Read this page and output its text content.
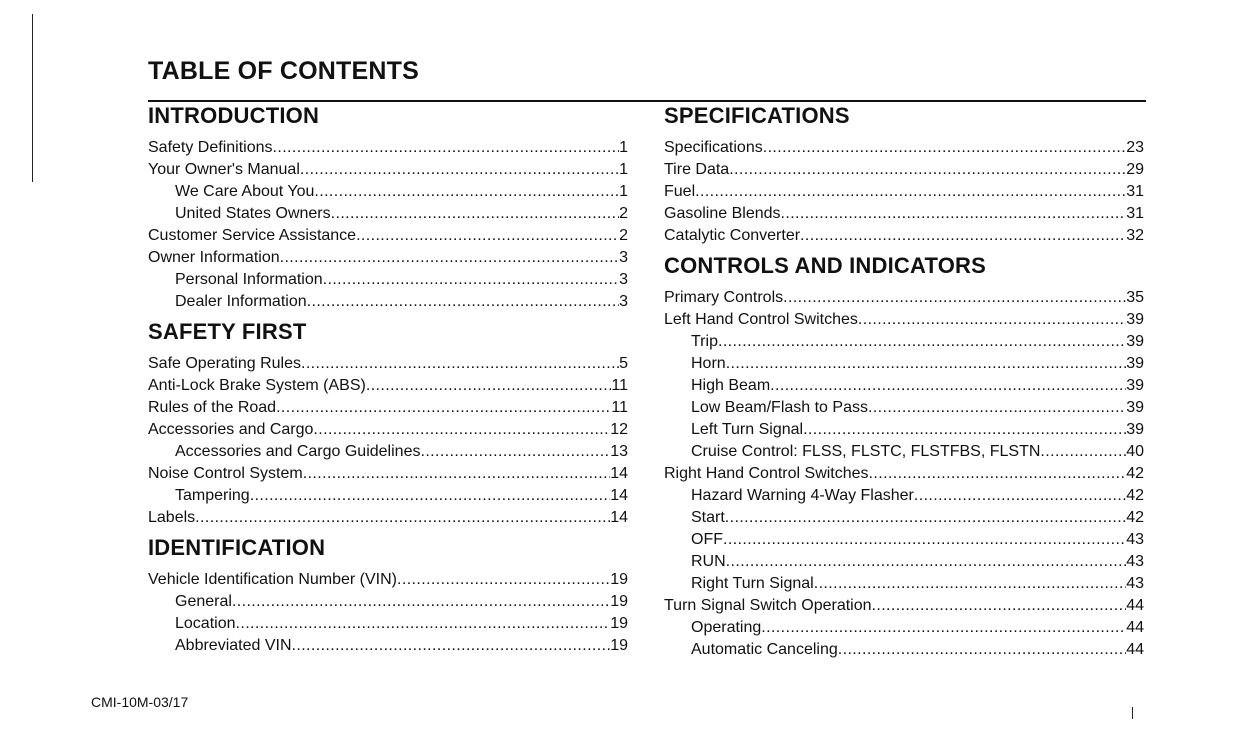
TABLE OF CONTENTS
INTRODUCTION
Safety Definitions .....	1
Your Owner's Manual .....	1
We Care About You .....	1
United States Owners .....	2
Customer Service Assistance .....	2
Owner Information .....	3
Personal Information .....	3
Dealer Information .....	3
SAFETY FIRST
Safe Operating Rules .....	5
Anti-Lock Brake System (ABS) .....	11
Rules of the Road .....	11
Accessories and Cargo .....	12
Accessories and Cargo Guidelines .....	13
Noise Control System .....	14
Tampering .....	14
Labels .....	14
IDENTIFICATION
Vehicle Identification Number (VIN) .....	19
General .....	19
Location .....	19
Abbreviated VIN .....	19
SPECIFICATIONS
Specifications .....	23
Tire Data .....	29
Fuel .....	31
Gasoline Blends .....	31
Catalytic Converter .....	32
CONTROLS AND INDICATORS
Primary Controls .....	35
Left Hand Control Switches .....	39
Trip .....	39
Horn .....	39
High Beam .....	39
Low Beam/Flash to Pass .....	39
Left Turn Signal .....	39
Cruise Control: FLSS, FLSTC, FLSTFBS, FLSTN .....	40
Right Hand Control Switches .....	42
Hazard Warning 4-Way Flasher .....	42
Start .....	42
OFF .....	43
RUN .....	43
Right Turn Signal .....	43
Turn Signal Switch Operation .....	44
Operating .....	44
Automatic Canceling .....	44

CMI-10M-03/17
